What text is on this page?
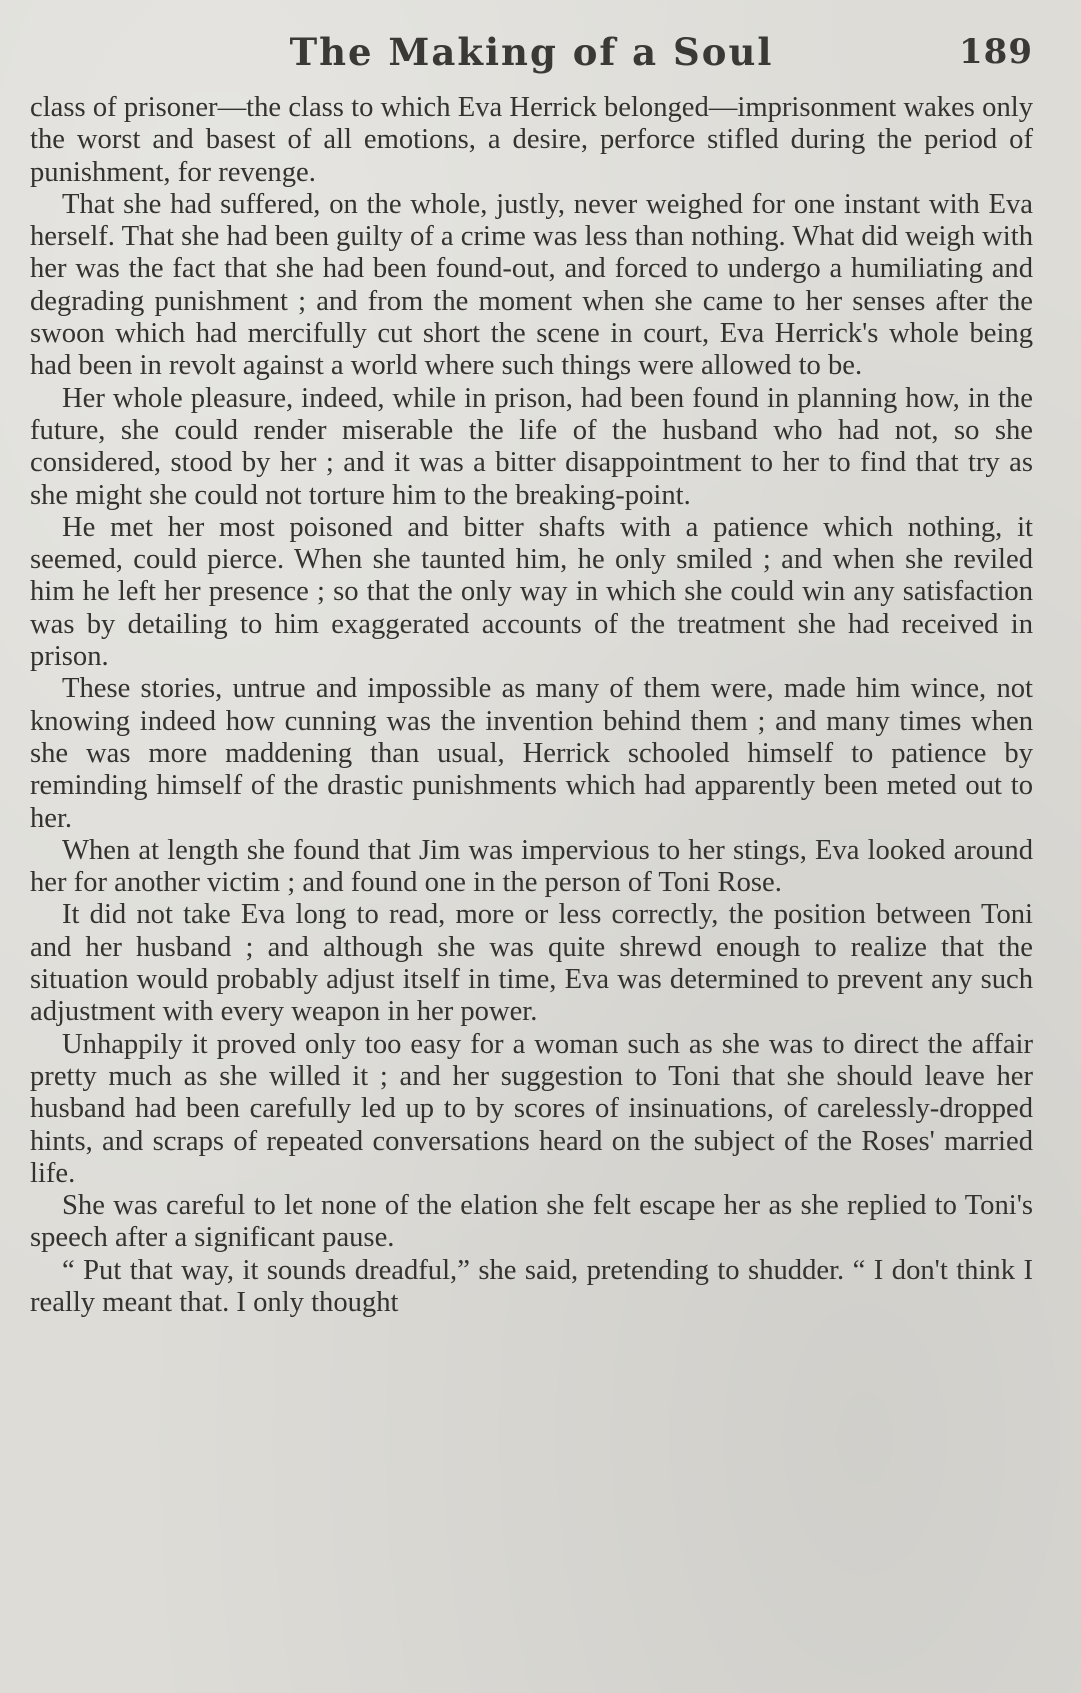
The Making of a Soul	189

class of prisoner—the class to which Eva Herrick belonged—imprisonment wakes only the worst and basest of all emotions, a desire, perforce stifled during the period of punishment, for revenge.

That she had suffered, on the whole, justly, never weighed for one instant with Eva herself. That she had been guilty of a crime was less than nothing. What did weigh with her was the fact that she had been found-out, and forced to undergo a humiliating and degrading punishment ; and from the moment when she came to her senses after the swoon which had mercifully cut short the scene in court, Eva Herrick's whole being had been in revolt against a world where such things were allowed to be.

Her whole pleasure, indeed, while in prison, had been found in planning how, in the future, she could render miserable the life of the husband who had not, so she considered, stood by her ; and it was a bitter disappointment to her to find that try as she might she could not torture him to the breaking-point.

He met her most poisoned and bitter shafts with a patience which nothing, it seemed, could pierce. When she taunted him, he only smiled ; and when she reviled him he left her presence ; so that the only way in which she could win any satisfaction was by detailing to him exaggerated accounts of the treatment she had received in prison.

These stories, untrue and impossible as many of them were, made him wince, not knowing indeed how cunning was the invention behind them ; and many times when she was more maddening than usual, Herrick schooled himself to patience by reminding himself of the drastic punishments which had apparently been meted out to her.

When at length she found that Jim was impervious to her stings, Eva looked around her for another victim ; and found one in the person of Toni Rose.

It did not take Eva long to read, more or less correctly, the position between Toni and her husband ; and although she was quite shrewd enough to realize that the situation would probably adjust itself in time, Eva was determined to prevent any such adjustment with every weapon in her power.

Unhappily it proved only too easy for a woman such as she was to direct the affair pretty much as she willed it ; and her suggestion to Toni that she should leave her husband had been carefully led up to by scores of insinuations, of carelessly-dropped hints, and scraps of repeated conversations heard on the subject of the Roses' married life.

She was careful to let none of the elation she felt escape her as she replied to Toni's speech after a significant pause.

“ Put that way, it sounds dreadful,” she said, pretending to shudder. “ I don't think I really meant that. I only thought
